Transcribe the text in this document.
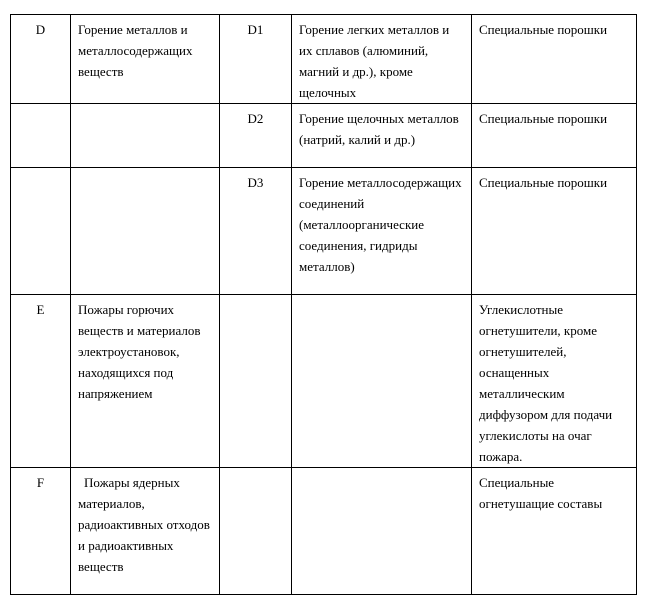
D	Горение металлов и металлосодержащих веществ	D1	Горение легких металлов и их сплавов (алюминий, магний и др.), кроме щелочных	Специальные порошки
		D2	Горение щелочных металлов (натрий, калий и др.)	Специальные порошки
		D3	Горение металлосодержащих соединений (металлоорганические соединения, гидриды металлов)	Специальные порошки
E	Пожары горючих веществ и материалов электроустановок, находящихся под напряжением			Углекислотные огнетушители, кроме огнетушителей, оснащенных металлическим диффузором для подачи углекислоты на очаг пожара.
F	Пожары ядерных материалов, радиоактивных отходов и радиоактивных веществ			Специальные огнетушащие составы
